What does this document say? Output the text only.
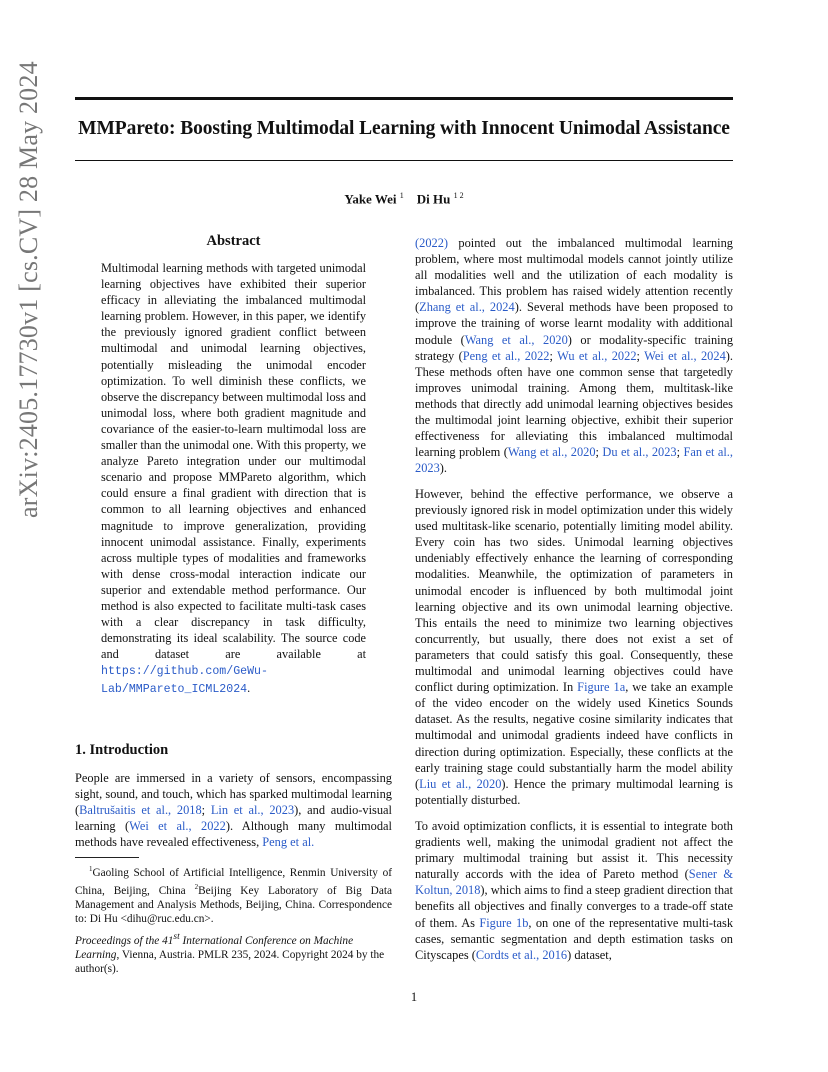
arXiv:2405.17730v1 [cs.CV] 28 May 2024 MMPareto: Boosting Multimodal Learning with Innocent Unimodal Assistance
Yake Wei $^1$ Di Hu $^{1 2}$
Abstract
Multimodal learning methods with targeted unimodal learning objectives have exhibited their superior efficacy in alleviating the imbalanced multimodal learning problem. However, in this paper, we identify the previously ignored gradient conflict between multimodal and unimodal learning objectives, potentially misleading the unimodal encoder optimization. To well diminish these conflicts, we observe the discrepancy between multimodal loss and unimodal loss, where both gradient magnitude and covariance of the easier-to-learn multimodal loss are smaller than the unimodal one. With this property, we analyze Pareto integration under our multimodal scenario and propose MMPareto algorithm, which could ensure a final gradient with direction that is common to all learning objectives and enhanced magnitude to improve generalization, providing innocent unimodal assistance. Finally, experiments across multiple types of modalities and frameworks with dense cross-modal interaction indicate our superior and extendable method performance. Our method is also expected to facilitate multi-task cases with a clear discrepancy in task difficulty, demonstrating its ideal scalability. The source code and dataset are available at https://github.com/GeWu-Lab/MMPareto_ICML2024.
1. Introduction
People are immersed in a variety of sensors, encompassing sight, sound, and touch, which has sparked multimodal learning (Baltrušaitis et al., 2018; Lin et al., 2023), and audio-visual learning (Wei et al., 2022). Although many multimodal methods have revealed effectiveness, Peng et al.
$^1$Gaoling School of Artificial Intelligence, Renmin University of China, Beijing, China $^2$Beijing Key Laboratory of Big Data Management and Analysis Methods, Beijing, China. Correspondence to: Di Hu <dihu@ruc.edu.cn>.
Proceedings of the 41st International Conference on Machine Learning, Vienna, Austria. PMLR 235, 2024. Copyright 2024 by the author(s).
(2022) pointed out the imbalanced multimodal learning problem, where most multimodal models cannot jointly utilize all modalities well and the utilization of each modality is imbalanced. This problem has raised widely attention recently (Zhang et al., 2024). Several methods have been proposed to improve the training of worse learnt modality with additional module (Wang et al., 2020) or modality-specific training strategy (Peng et al., 2022; Wu et al., 2022; Wei et al., 2024). These methods often have one common sense that targetedly improves unimodal training. Among them, multitask-like methods that directly add unimodal learning objectives besides the multimodal joint learning objective, exhibit their superior effectiveness for alleviating this imbalanced multimodal learning problem (Wang et al., 2020; Du et al., 2023; Fan et al., 2023).
However, behind the effective performance, we observe a previously ignored risk in model optimization under this widely used multitask-like scenario, potentially limiting model ability. Every coin has two sides. Unimodal learning objectives undeniably effectively enhance the learning of corresponding modalities. Meanwhile, the optimization of parameters in unimodal encoder is influenced by both multimodal joint learning objective and its own unimodal learning objective. This entails the need to minimize two learning objectives concurrently, but usually, there does not exist a set of parameters that could satisfy this goal. Consequently, these multimodal and unimodal learning objectives could have conflict during optimization. In Figure 1a, we take an example of the video encoder on the widely used Kinetics Sounds dataset. As the results, negative cosine similarity indicates that multimodal and unimodal gradients indeed have conflicts in direction during optimization. Especially, these conflicts at the early training stage could substantially harm the model ability (Liu et al., 2020). Hence the primary multimodal learning is potentially disturbed.
To avoid optimization conflicts, it is essential to integrate both gradients well, making the unimodal gradient not affect the primary multimodal training but assist it. This necessity naturally accords with the idea of Pareto method (Sener & Koltun, 2018), which aims to find a steep gradient direction that benefits all objectives and finally converges to a trade-off state of them. As Figure 1b, on one of the representative multi-task cases, semantic segmentation and depth estimation tasks on Cityscapes (Cordts et al., 2016) dataset,
1
